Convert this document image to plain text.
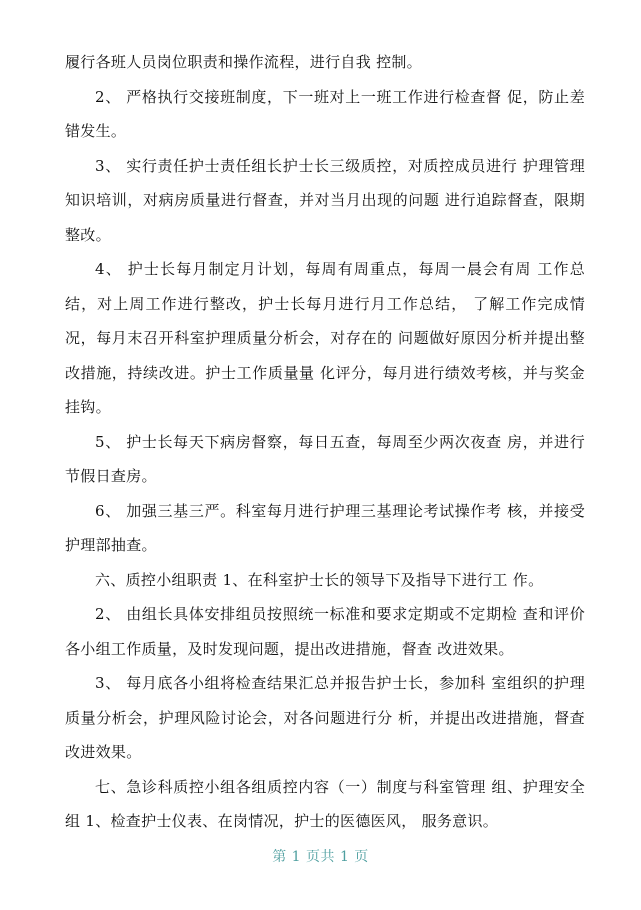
履行各班人员岗位职责和操作流程，进行自我 控制。

2、 严格执行交接班制度，下一班对上一班工作进行检查督 促，防止差错发生。

3、 实行责任护士责任组长护士长三级质控，对质控成员进行 护理管理知识培训，对病房质量进行督查，并对当月出现的问题 进行追踪督查，限期整改。

4、 护士长每月制定月计划，每周有周重点，每周一晨会有周 工作总结，对上周工作进行整改，护士长每月进行月工作总结， 了解工作完成情况，每月末召开科室护理质量分析会，对存在的 问题做好原因分析并提出整改措施，持续改进。护士工作质量量 化评分，每月进行绩效考核，并与奖金挂钩。

5、 护士长每天下病房督察，每日五查，每周至少两次夜查 房，并进行节假日查房。

6、 加强三基三严。科室每月进行护理三基理论考试操作考 核，并接受护理部抽查。

六、质控小组职责 1、在科室护士长的领导下及指导下进行工 作。

2、 由组长具体安排组员按照统一标准和要求定期或不定期检 查和评价各小组工作质量，及时发现问题，提出改进措施，督查 改进效果。

3、 每月底各小组将检查结果汇总并报告护士长，参加科 室组织的护理质量分析会，护理风险讨论会，对各问题进行分 析，并提出改进措施，督查改进效果。

七、急诊科质控小组各组质控内容（一）制度与科室管理 组、护理安全组 1、检查护士仪表、在岗情况，护士的医德医风， 服务意识。

第 1 页共 1 页
